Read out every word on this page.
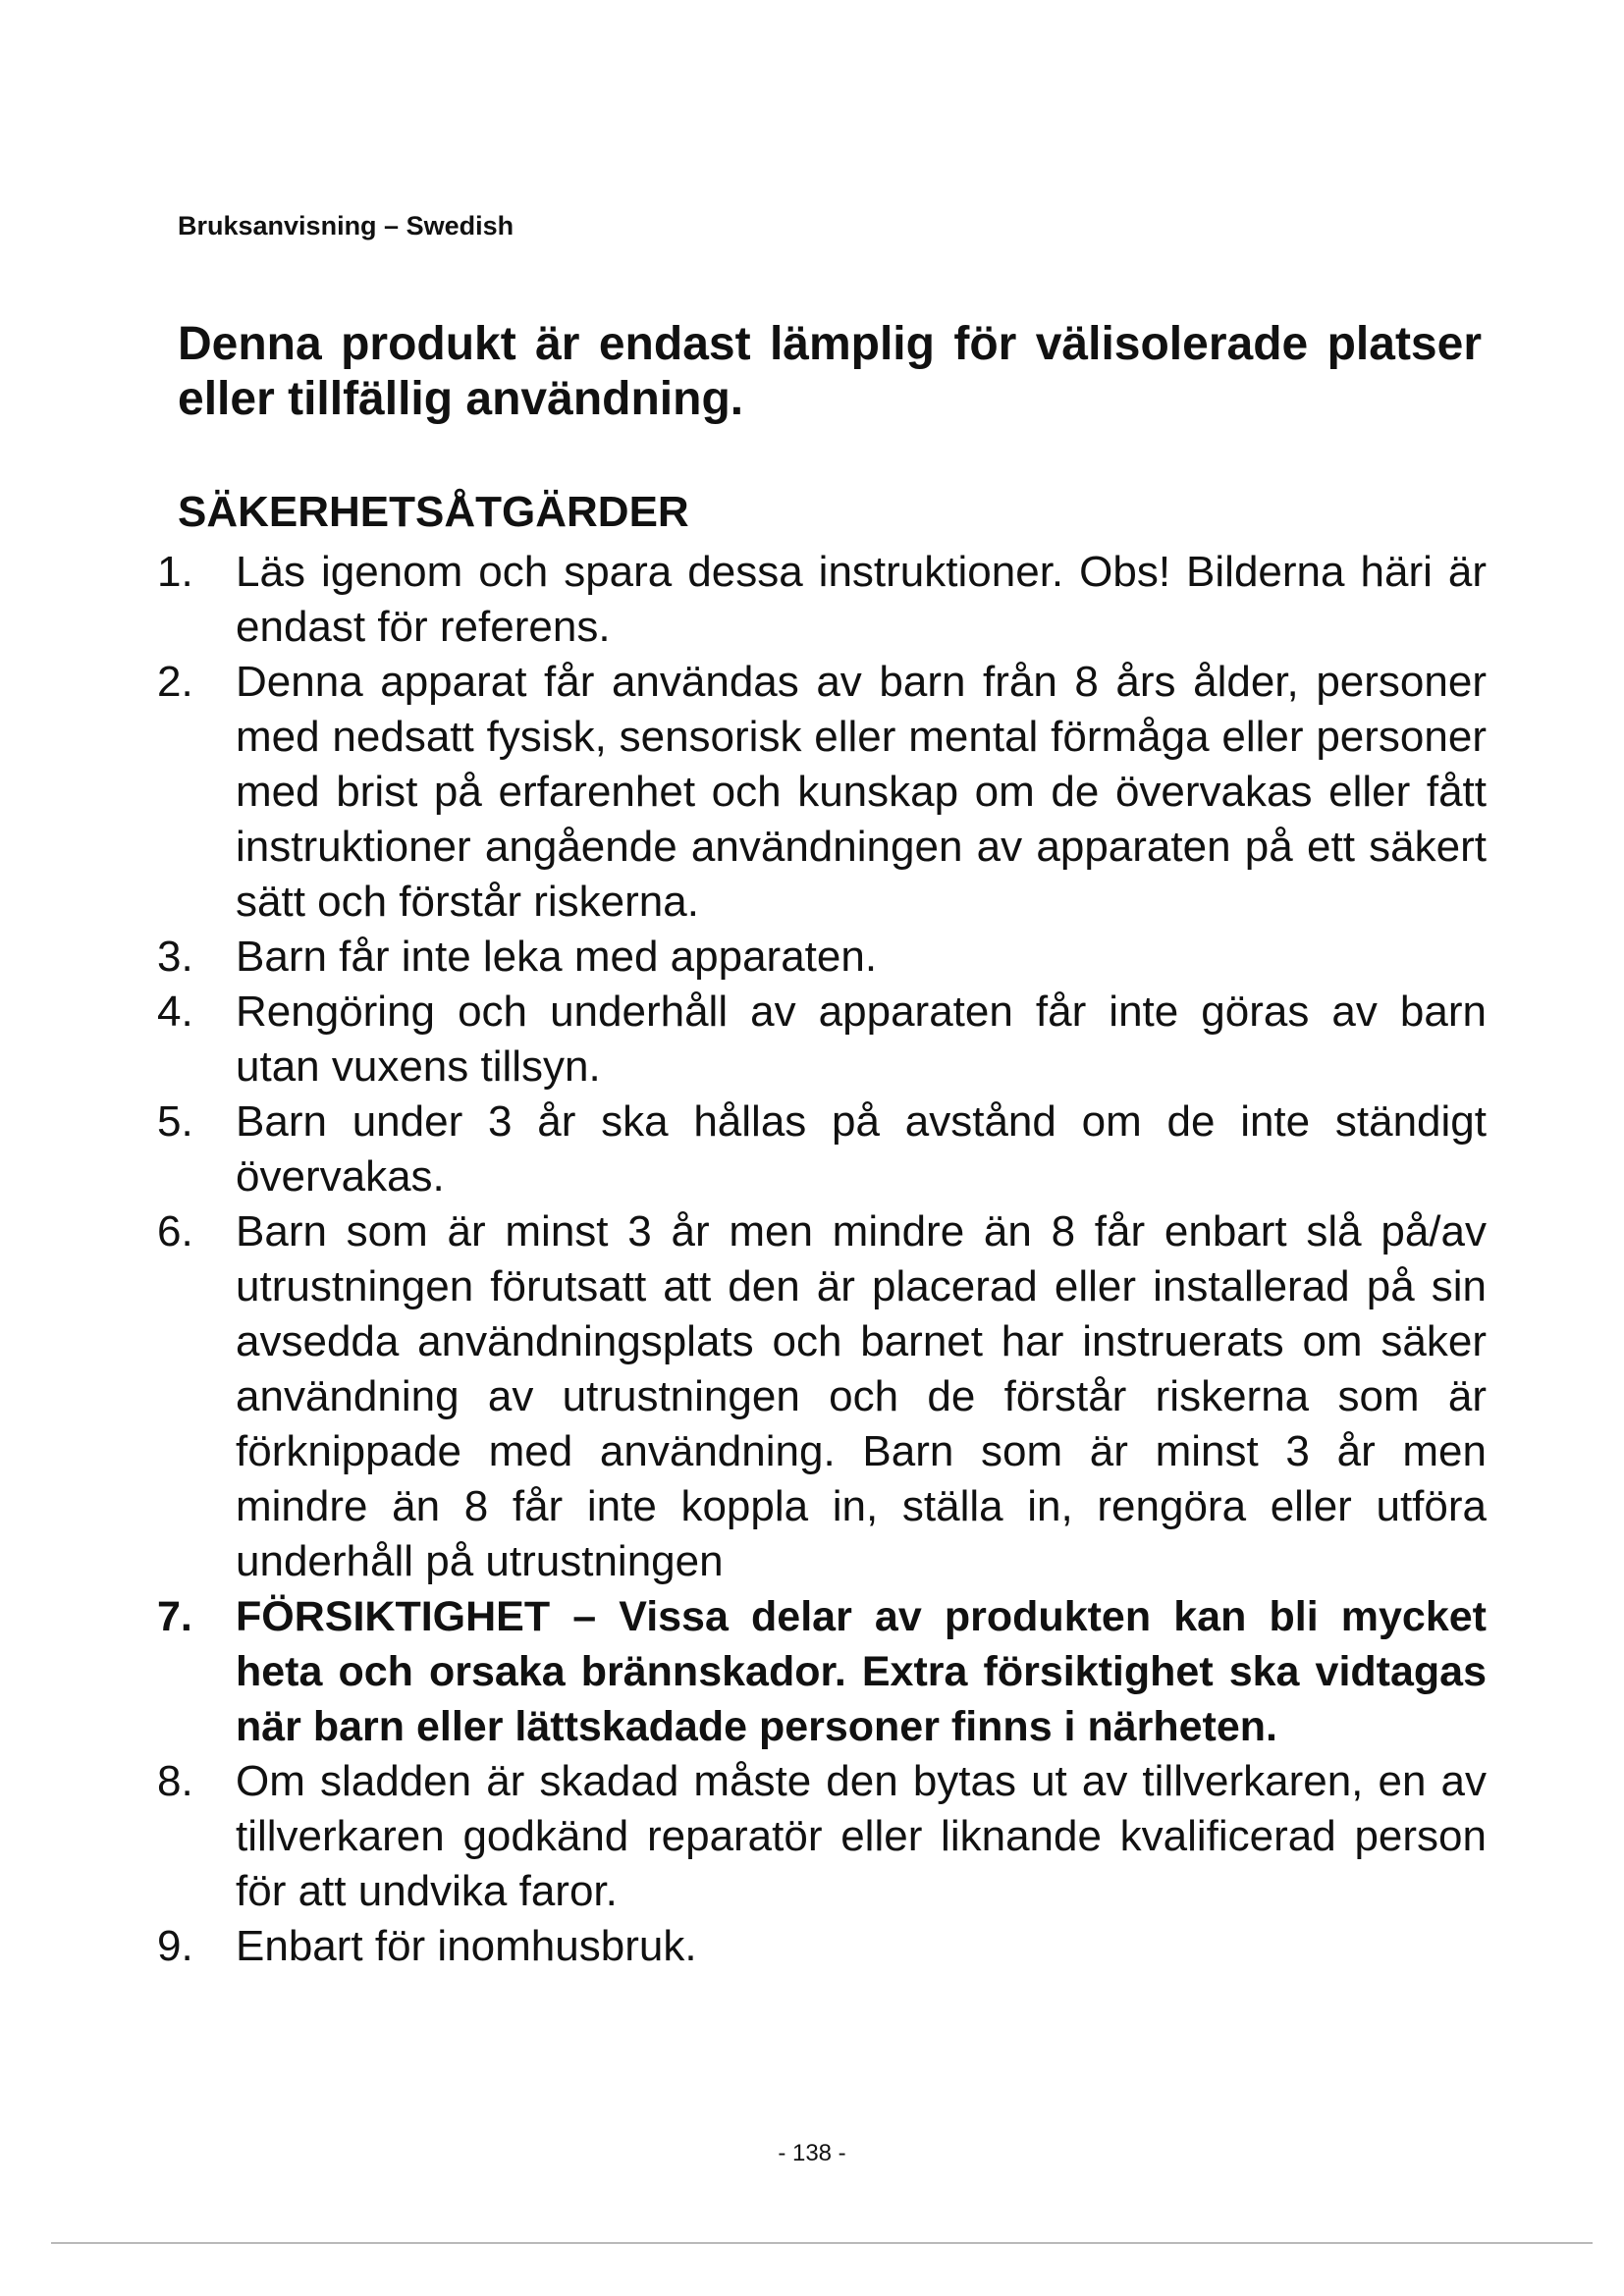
Bruksanvisning – Swedish
Denna produkt är endast lämplig för välisolerade platser eller tillfällig användning.
SÄKERHETSÅTGÄRDER
1. Läs igenom och spara dessa instruktioner. Obs! Bilderna häri är endast för referens.
2. Denna apparat får användas av barn från 8 års ålder, personer med nedsatt fysisk, sensorisk eller mental förmåga eller personer med brist på erfarenhet och kunskap om de övervakas eller fått instruktioner angående användningen av apparaten på ett säkert sätt och förstår riskerna.
3. Barn får inte leka med apparaten.
4. Rengöring och underhåll av apparaten får inte göras av barn utan vuxens tillsyn.
5. Barn under 3 år ska hållas på avstånd om de inte ständigt övervakas.
6. Barn som är minst 3 år men mindre än 8 får enbart slå på/av utrustningen förutsatt att den är placerad eller installerad på sin avsedda användningsplats och barnet har instruerats om säker användning av utrustningen och de förstår riskerna som är förknippade med användning. Barn som är minst 3 år men mindre än 8 får inte koppla in, ställa in, rengöra eller utföra underhåll på utrustningen
7.	FÖRSIKTIGHET – Vissa delar av produkten kan bli mycket heta och orsaka brännskador. Extra försiktighet ska vidtagas när barn eller lättskadade personer finns i närheten.
8. Om sladden är skadad måste den bytas ut av tillverkaren, en av tillverkaren godkänd reparatör eller liknande kvalificerad person för att undvika faror.
9. Enbart för inomhusbruk.
- 138 -
